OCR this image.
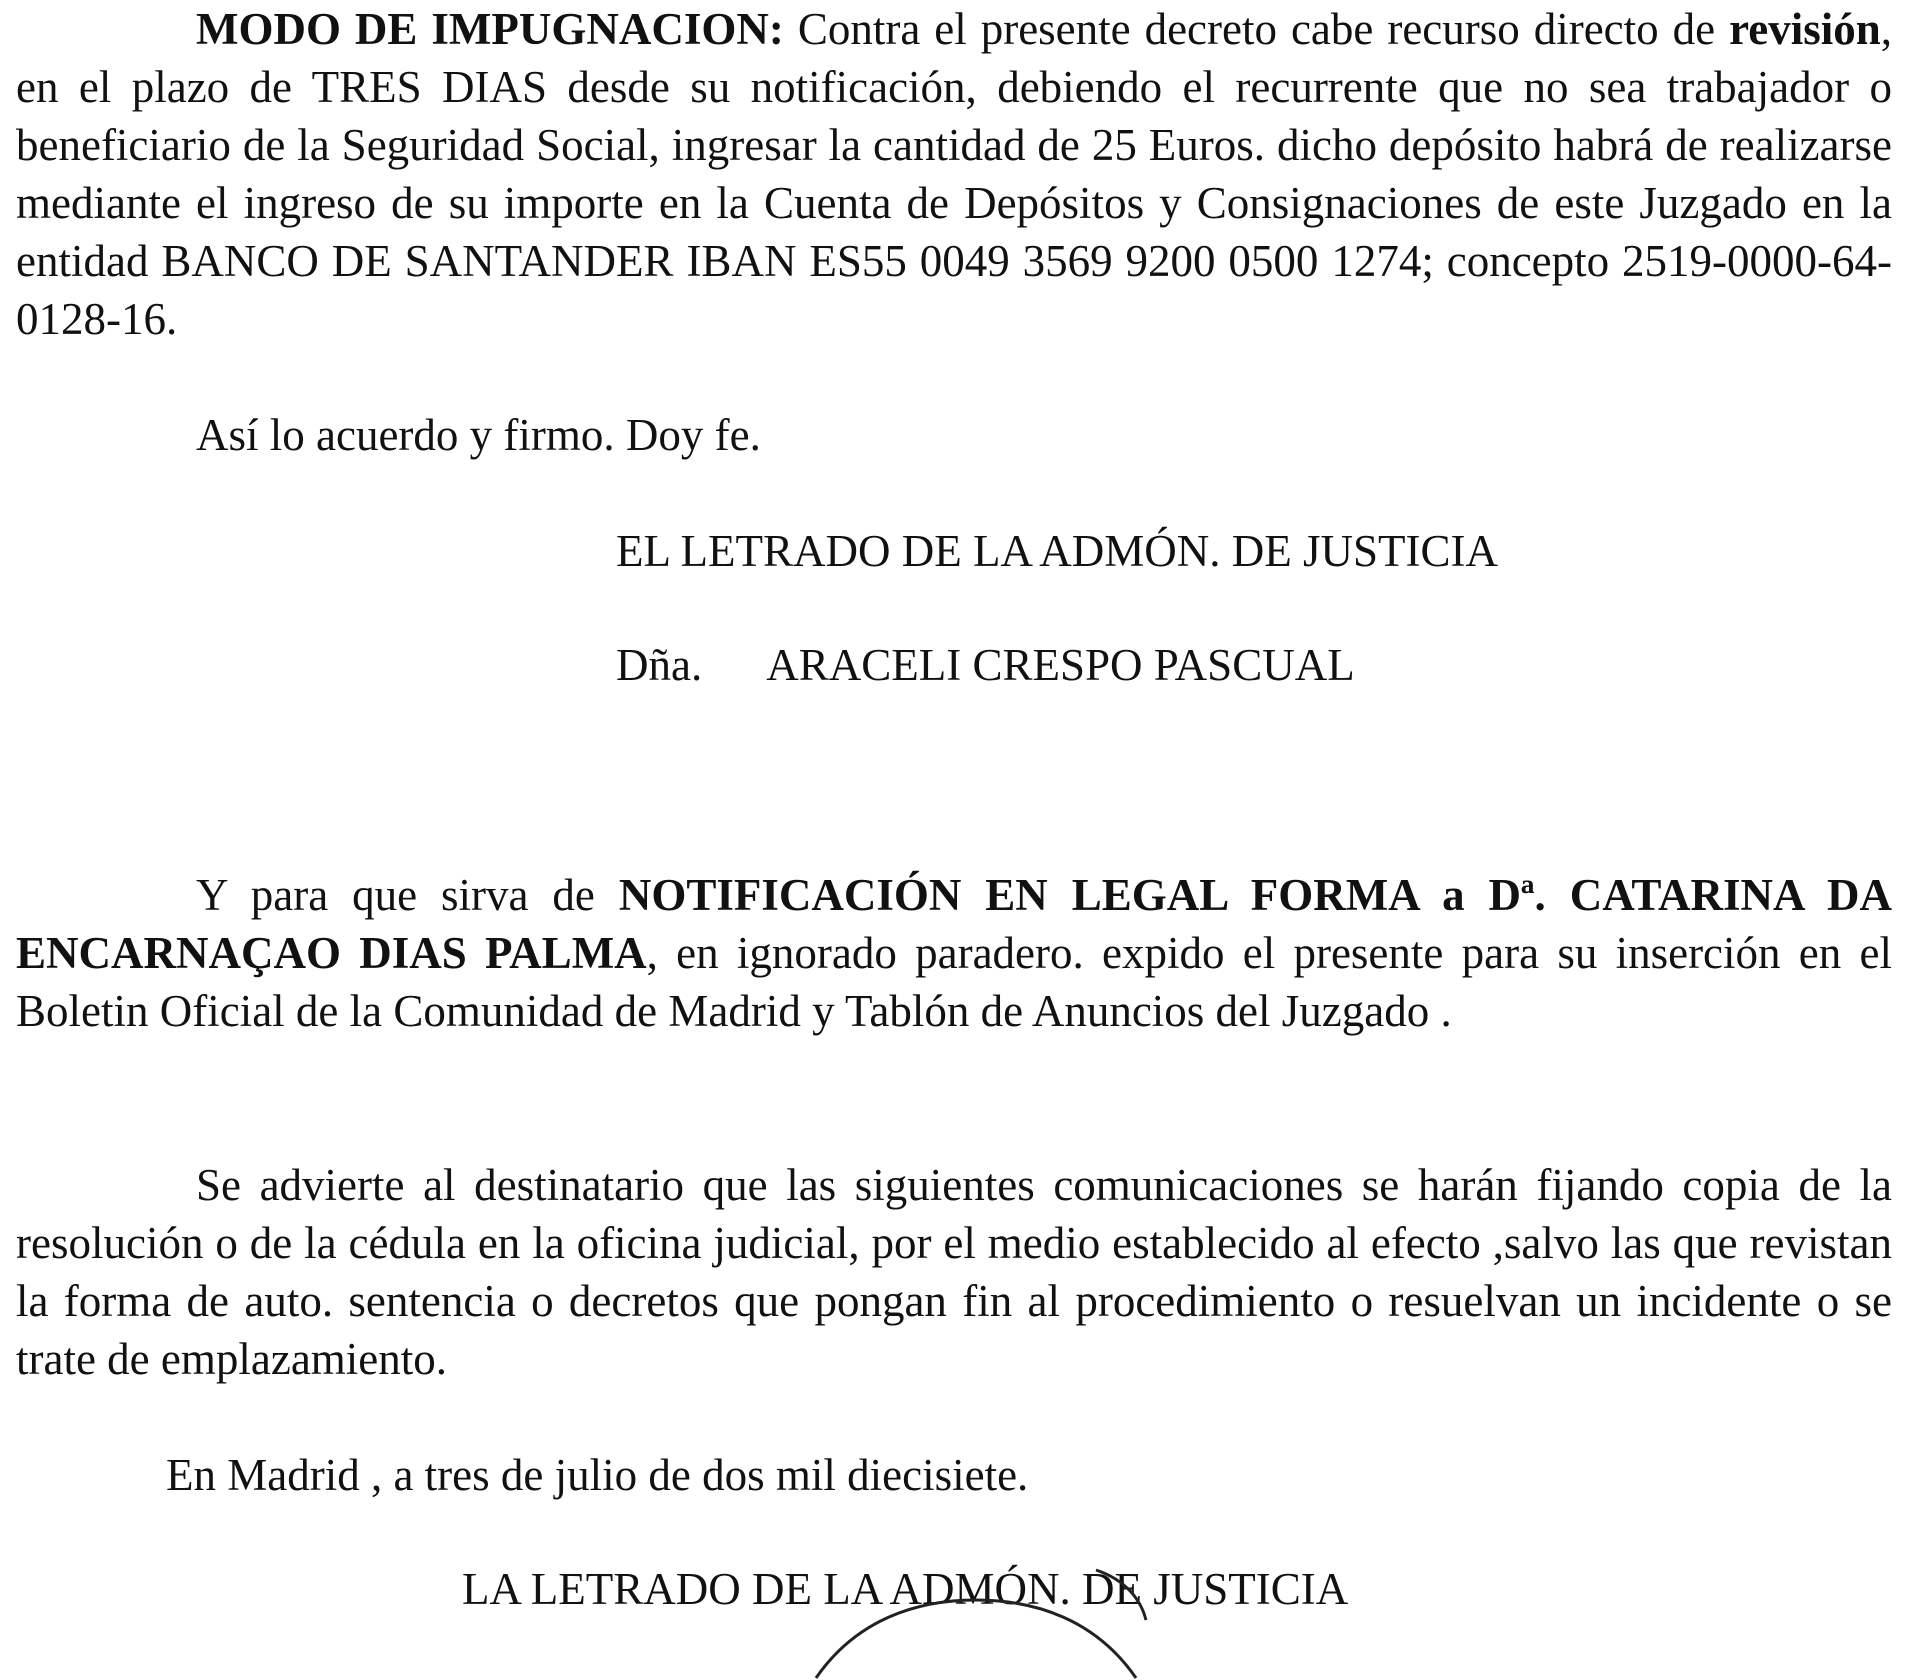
MODO DE IMPUGNACION: Contra el presente decreto cabe recurso directo de revisión, en el plazo de TRES DIAS desde su notificación, debiendo el recurrente que no sea trabajador o beneficiario de la Seguridad Social, ingresar la cantidad de 25 Euros. dicho depósito habrá de realizarse mediante el ingreso de su importe en la Cuenta de Depósitos y Consignaciones de este Juzgado en la entidad BANCO DE SANTANDER IBAN ES55 0049 3569 9200 0500 1274; concepto 2519-0000-64-0128-16.

Así lo acuerdo y firmo. Doy fe.

EL LETRADO DE LA ADMÓN. DE JUSTICIA
Dña. ARACELI CRESPO PASCUAL

Y para que sirva de NOTIFICACIÓN EN LEGAL FORMA a Dª. CATARINA DA ENCARNAÇAO DIAS PALMA, en ignorado paradero. expido el presente para su inserción en el Boletin Oficial de la Comunidad de Madrid y Tablón de Anuncios del Juzgado .

Se advierte al destinatario que las siguientes comunicaciones se harán fijando copia de la resolución o de la cédula en la oficina judicial, por el medio establecido al efecto ,salvo las que revistan la forma de auto. sentencia o decretos que pongan fin al procedimiento o resuelvan un incidente o se trate de emplazamiento.

En Madrid , a tres de julio de dos mil diecisiete.

LA LETRADO DE LA ADMÓN. DE JUSTICIA
